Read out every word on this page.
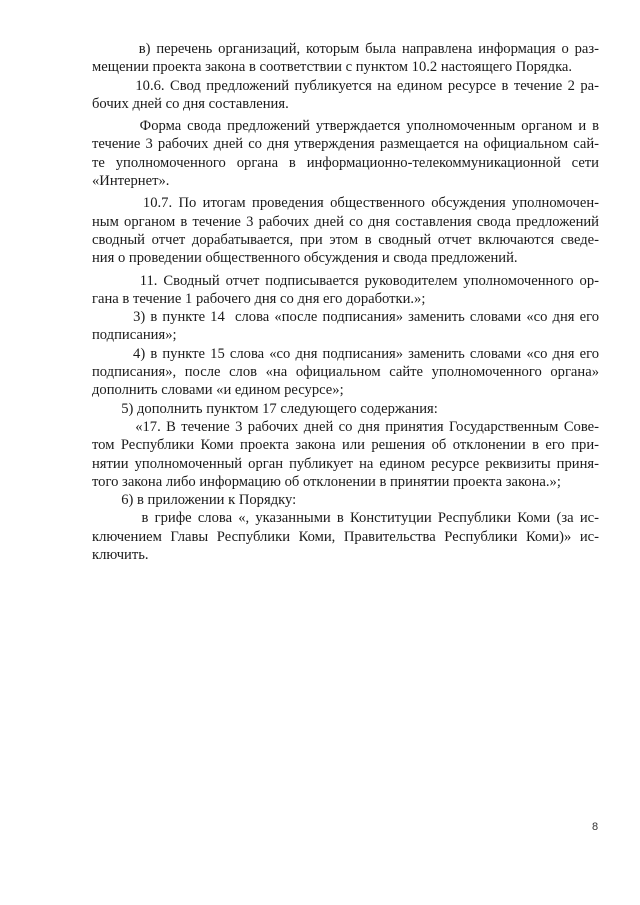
в) перечень организаций, которым была направлена информация о раз-
мещении проекта закона в соответствии с пунктом 10.2 настоящего Порядка.
10.6. Свод предложений публикуется на едином ресурсе в течение 2 ра-
бочих дней со дня составления.
Форма свода предложений утверждается уполномоченным органом и в
течение 3 рабочих дней со дня утверждения размещается на официальном сай-
те уполномоченного органа в информационно-телекоммуникационной сети
«Интернет».
10.7. По итогам проведения общественного обсуждения уполномочен-
ным органом в течение 3 рабочих дней со дня составления свода предложений
сводный отчет дорабатывается, при этом в сводный отчет включаются сведе-
ния о проведении общественного обсуждения и свода предложений.
11. Сводный отчет подписывается руководителем уполномоченного ор-
гана в течение 1 рабочего дня со дня его доработки.»;
3) в пункте 14  слова «после подписания» заменить словами «со дня его
подписания»;
4) в пункте 15 слова «со дня подписания» заменить словами «со дня его
подписания», после слов «на официальном сайте уполномоченного органа»
дополнить словами «и едином ресурсе»;
5) дополнить пунктом 17 следующего содержания:
«17. В течение 3 рабочих дней со дня принятия Государственным Сове-
том Республики Коми проекта закона или решения об отклонении в его при-
нятии уполномоченный орган публикует на едином ресурсе реквизиты приня-
того закона либо информацию об отклонении в принятии проекта закона.»;
6) в приложении к Порядку:
в грифе слова «, указанными в Конституции Республики Коми (за ис-
ключением Главы Республики Коми, Правительства Республики Коми)» ис-
ключить.
8
